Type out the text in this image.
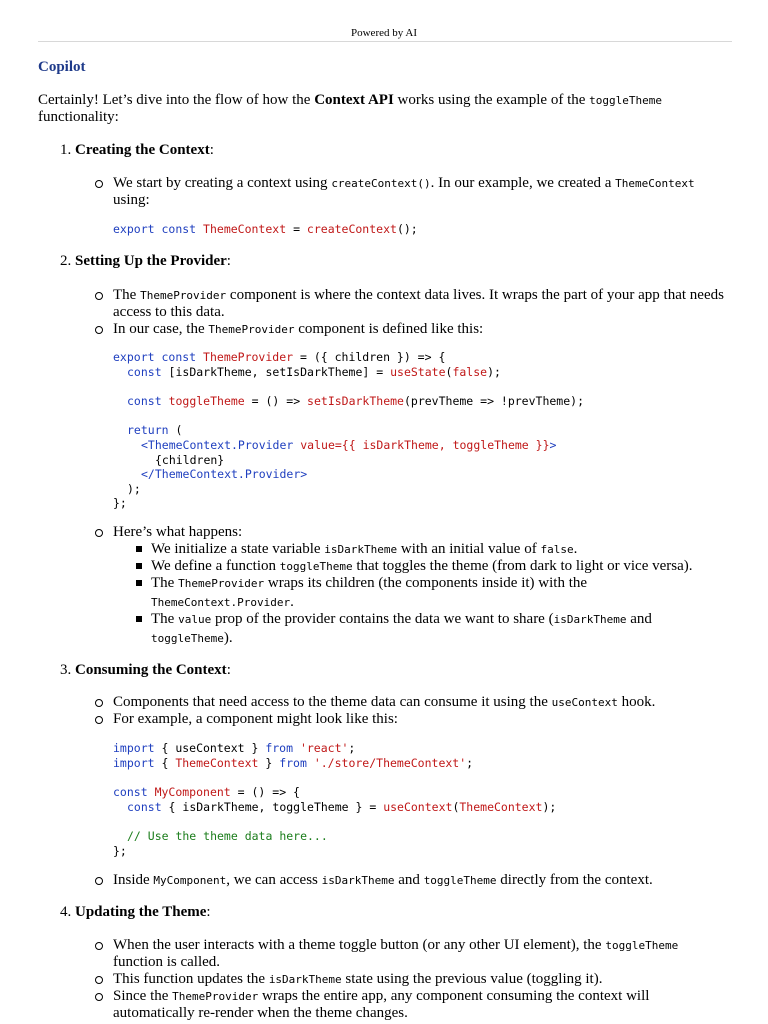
Powered by AI
Copilot
Certainly! Let’s dive into the flow of how the Context API works using the example of the toggleTheme
functionality:
1. Creating the Context:
We start by creating a context using createContext(). In our example, we created a ThemeContext
using:
export const ThemeContext = createContext();
2. Setting Up the Provider:
The ThemeProvider component is where the context data lives. It wraps the part of your app that needs
access to this data.
In our case, the ThemeProvider component is defined like this:
export const ThemeProvider = ({ children }) => {
const [isDarkTheme, setIsDarkTheme] = useState(false);
const toggleTheme = () => setIsDarkTheme(prevTheme => !prevTheme);
return (
<ThemeContext.Provider value={{ isDarkTheme, toggleTheme }}>
{children}
</ThemeContext.Provider>
);
};
Here’s what happens:
We initialize a state variable isDarkTheme with an initial value of false.
We define a function toggleTheme that toggles the theme (from dark to light or vice versa).
The ThemeProvider wraps its children (the components inside it) with the
ThemeContext.Provider.
The value prop of the provider contains the data we want to share (isDarkTheme and
toggleTheme).
3. Consuming the Context:
Components that need access to the theme data can consume it using the useContext hook.
For example, a component might look like this:
import { useContext } from 'react';
import { ThemeContext } from './store/ThemeContext';
const MyComponent = () => {
const { isDarkTheme, toggleTheme } = useContext(ThemeContext);
// Use the theme data here...
};
Inside MyComponent, we can access isDarkTheme and toggleTheme directly from the context.
4. Updating the Theme:
When the user interacts with a theme toggle button (or any other UI element), the toggleTheme
function is called.
This function updates the isDarkTheme state using the previous value (toggling it).
Since the ThemeProvider wraps the entire app, any component consuming the context will
automatically re-render when the theme changes.
